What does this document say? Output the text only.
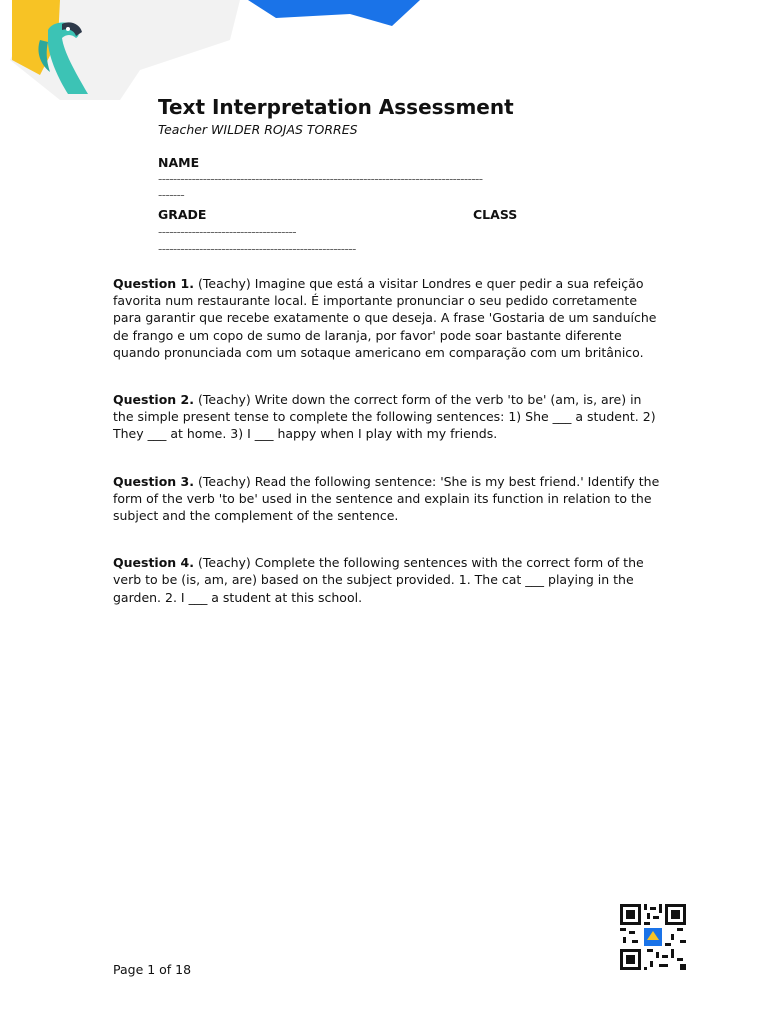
Text Interpretation Assessment
Teacher WILDER ROJAS TORRES
NAME
---------------------------------------------------------------------------------------
-------
GRADE	CLASS
-------------------------------------
-----------------------------------------------------

Question 1. (Teachy) Imagine que está a visitar Londres e quer pedir a sua refeição favorita num restaurante local. É importante pronunciar o seu pedido corretamente para garantir que recebe exatamente o que deseja. A frase 'Gostaria de um sanduíche de frango e um copo de sumo de laranja, por favor' pode soar bastante diferente quando pronunciada com um sotaque americano em comparação com um britânico.

Question 2. (Teachy) Write down the correct form of the verb 'to be' (am, is, are) in the simple present tense to complete the following sentences: 1) She ___ a student. 2) They ___ at home. 3) I ___ happy when I play with my friends.

Question 3. (Teachy) Read the following sentence: 'She is my best friend.' Identify the form of the verb 'to be' used in the sentence and explain its function in relation to the subject and the complement of the sentence.

Question 4. (Teachy) Complete the following sentences with the correct form of the verb to be (is, am, are) based on the subject provided. 1. The cat ___ playing in the garden. 2. I ___ a student at this school.

Page 1 of 18
